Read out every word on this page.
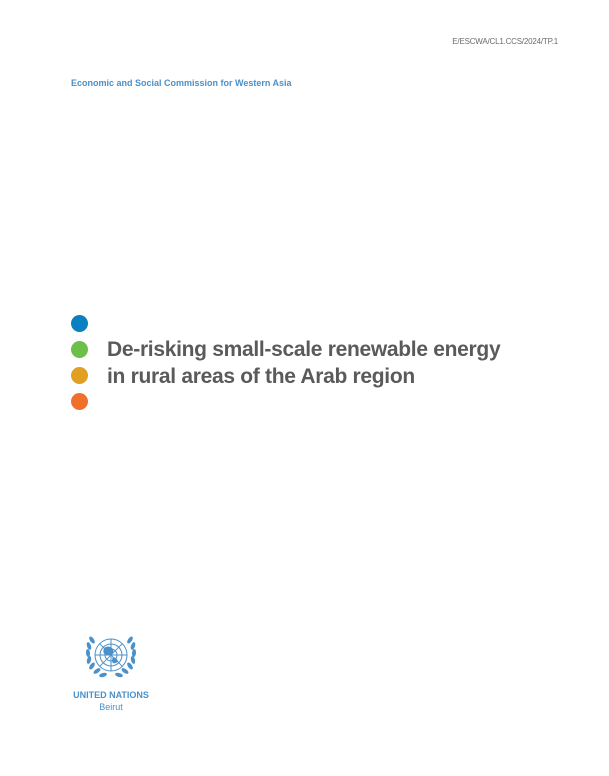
E/ESCWA/CL1.CCS/2024/TP.1
Economic and Social Commission for Western Asia
De-risking small-scale renewable energy
in rural areas of the Arab region
UNITED NATIONS
Beirut
